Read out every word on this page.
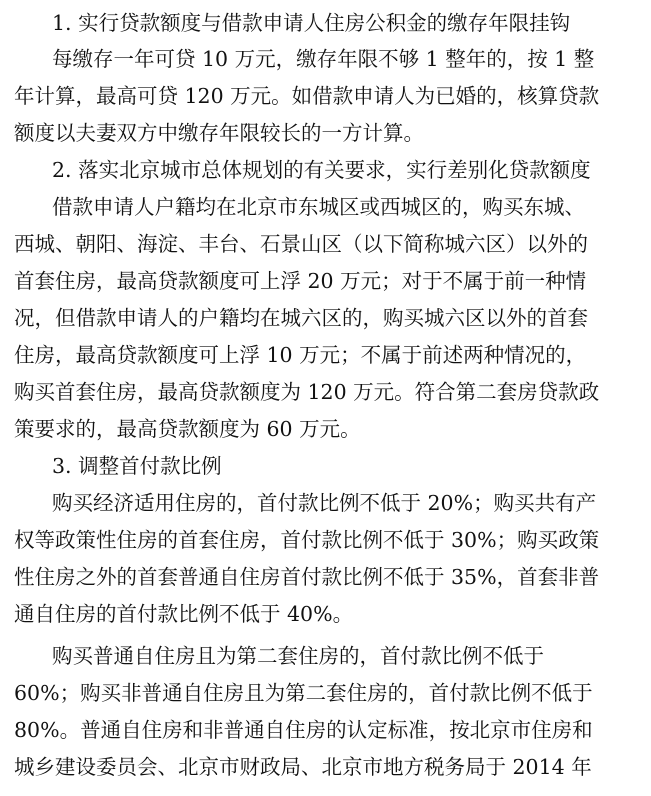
1. 实行贷款额度与借款申请人住房公积金的缴存年限挂钩
每缴存一年可贷 10 万元，缴存年限不够 1 整年的，按 1 整
年计算，最高可贷 120 万元。如借款申请人为已婚的，核算贷款
额度以夫妻双方中缴存年限较长的一方计算。
2. 落实北京城市总体规划的有关要求，实行差别化贷款额度
借款申请人户籍均在北京市东城区或西城区的，购买东城、
西城、朝阳、海淀、丰台、石景山区（以下简称城六区）以外的
首套住房，最高贷款额度可上浮 20 万元；对于不属于前一种情
况，但借款申请人的户籍均在城六区的，购买城六区以外的首套
住房，最高贷款额度可上浮 10 万元；不属于前述两种情况的，
购买首套住房，最高贷款额度为 120 万元。符合第二套房贷款政
策要求的，最高贷款额度为 60 万元。
3. 调整首付款比例
购买经济适用住房的，首付款比例不低于 20%；购买共有产
权等政策性住房的首套住房，首付款比例不低于 30%；购买政策
性住房之外的首套普通自住房首付款比例不低于 35%，首套非普
通自住房的首付款比例不低于 40%。
购买普通自住房且为第二套住房的，首付款比例不低于
60%；购买非普通自住房且为第二套住房的，首付款比例不低于
80%。普通自住房和非普通自住房的认定标准，按北京市住房和
城乡建设委员会、北京市财政局、北京市地方税务局于 2014 年
